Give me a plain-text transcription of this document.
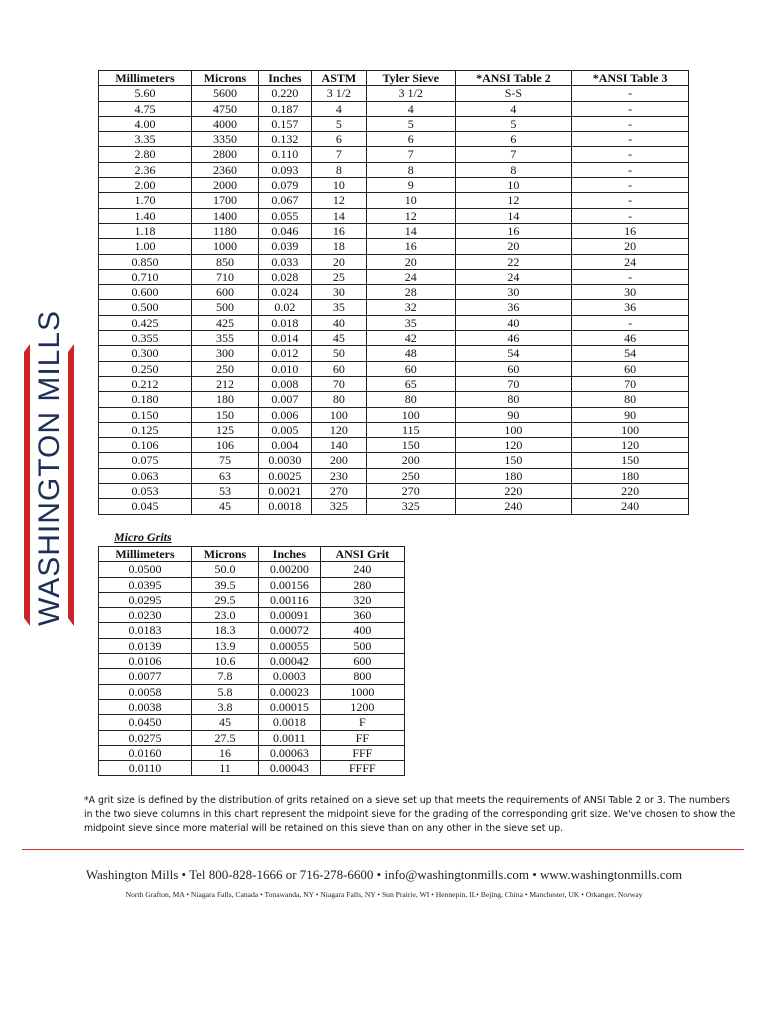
WASHINGTON MILLS
Millimeters	Microns	Inches	ASTM	Tyler Sieve	*ANSI Table 2	*ANSI Table 3
5.60	5600	0.220	3 1/2	3 1/2	S-S	-
4.75	4750	0.187	4	4	4	-
4.00	4000	0.157	5	5	5	-
3.35	3350	0.132	6	6	6	-
2.80	2800	0.110	7	7	7	-
2.36	2360	0.093	8	8	8	-
2.00	2000	0.079	10	9	10	-
1.70	1700	0.067	12	10	12	-
1.40	1400	0.055	14	12	14	-
1.18	1180	0.046	16	14	16	16
1.00	1000	0.039	18	16	20	20
0.850	850	0.033	20	20	22	24
0.710	710	0.028	25	24	24	-
0.600	600	0.024	30	28	30	30
0.500	500	0.02	35	32	36	36
0.425	425	0.018	40	35	40	-
0.355	355	0.014	45	42	46	46
0.300	300	0.012	50	48	54	54
0.250	250	0.010	60	60	60	60
0.212	212	0.008	70	65	70	70
0.180	180	0.007	80	80	80	80
0.150	150	0.006	100	100	90	90
0.125	125	0.005	120	115	100	100
0.106	106	0.004	140	150	120	120
0.075	75	0.0030	200	200	150	150
0.063	63	0.0025	230	250	180	180
0.053	53	0.0021	270	270	220	220
0.045	45	0.0018	325	325	240	240
Micro Grits
Millimeters	Microns	Inches	ANSI Grit
0.0500	50.0	0.00200	240
0.0395	39.5	0.00156	280
0.0295	29.5	0.00116	320
0.0230	23.0	0.00091	360
0.0183	18.3	0.00072	400
0.0139	13.9	0.00055	500
0.0106	10.6	0.00042	600
0.0077	7.8	0.0003	800
0.0058	5.8	0.00023	1000
0.0038	3.8	0.00015	1200
0.0450	45	0.0018	F
0.0275	27.5	0.0011	FF
0.0160	16	0.00063	FFF
0.0110	11	0.00043	FFFF
*A grit size is defined by the distribution of grits retained on a sieve set up that meets the requirements of ANSI Table 2 or 3. The numbers in the two sieve columns in this chart represent the midpoint sieve for the grading of the corresponding grit size. We've chosen to show the midpoint sieve since more material will be retained on this sieve than on any other in the sieve set up.
Washington Mills • Tel 800-828-1666 or 716-278-6600 • info@washingtonmills.com • www.washingtonmills.com
North Grafton, MA • Niagara Falls, Canada • Tonawanda, NY • Niagara Falls, NY • Sun Prairie, WI • Hennepin, IL• Bejing, China • Manchester, UK • Orkanger, Norway
